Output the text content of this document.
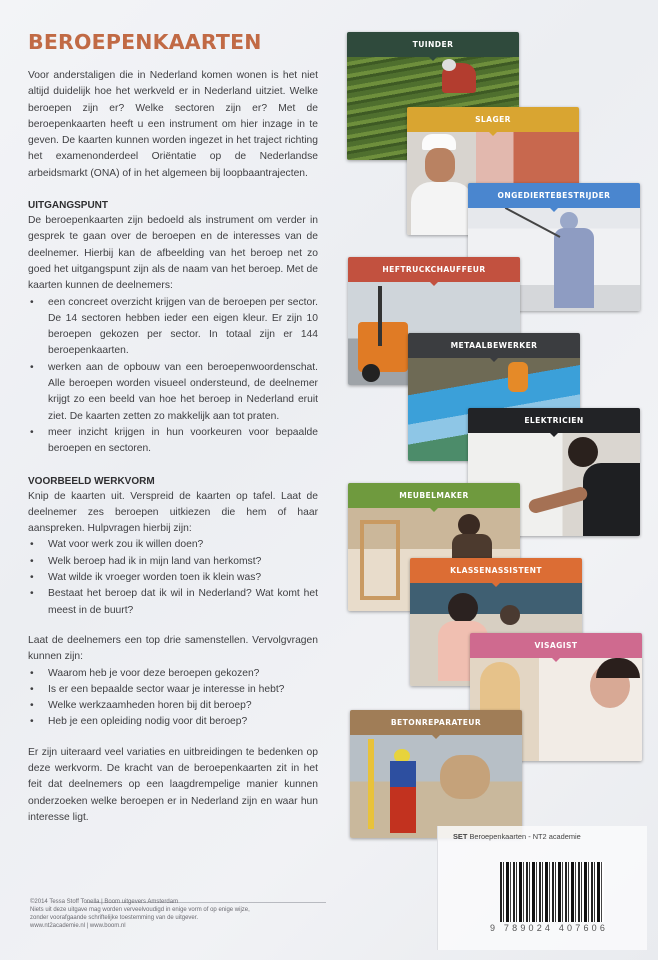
BEROEPENKAARTEN

Voor anderstaligen die in Nederland komen wonen is het niet altijd duidelijk hoe het werkveld er in Nederland uitziet. Welke beroepen zijn er? Welke sectoren zijn er? Met de beroepenkaarten heeft u een instrument om hier inzage in te geven. De kaarten kunnen worden ingezet in het traject richting het examenonderdeel Oriëntatie op de Nederlandse arbeidsmarkt (ONA) of in het algemeen bij loopbaantrajecten.

UITGANGSPUNT

De beroepenkaarten zijn bedoeld als instrument om verder in gesprek te gaan over de beroepen en de interesses van de deelnemer. Hierbij kan de afbeelding van het beroep net zo goed het uitgangspunt zijn als de naam van het beroep. Met de kaarten kunnen de deelnemers:

• een concreet overzicht krijgen van de beroepen per sector. De 14 sectoren hebben ieder een eigen kleur. Er zijn 10 beroepen gekozen per sector. In totaal zijn er 144 beroepenkaarten.
• werken aan de opbouw van een beroepenwoordenschat. Alle beroepen worden visueel ondersteund, de deelnemer krijgt zo een beeld van hoe het beroep in Nederland eruit ziet. De kaarten zetten zo makkelijk aan tot praten.
• meer inzicht krijgen in hun voorkeuren voor bepaalde beroepen en sectoren.
VOORBEELD WERKVORM

Knip de kaarten uit. Verspreid de kaarten op tafel. Laat de deelnemer zes beroepen uitkiezen die hem of haar aanspreken. Hulpvragen hierbij zijn:

• Wat voor werk zou ik willen doen?
• Welk beroep had ik in mijn land van herkomst?
• Wat wilde ik vroeger worden toen ik klein was?
• Bestaat het beroep dat ik wil in Nederland? Wat komt het meest in de buurt?

Laat de deelnemers een top drie samenstellen. Vervolgvragen kunnen zijn:

• Waarom heb je voor deze beroepen gekozen?
• Is er een bepaalde sector waar je interesse in hebt?
• Welke werkzaamheden horen bij dit beroep?
• Heb je een opleiding nodig voor dit beroep?

Er zijn uiteraard veel variaties en uitbreidingen te bedenken op deze werkvorm. De kracht van de beroepenkaarten zit in het feit dat deelnemers op een laagdrempelige manier kunnen onderzoeken welke beroepen er in Nederland zijn en waar hun interesse ligt.

TUINDER
SLAGER
ONGEDIERTEBESTRIJDER
HEFTRUCKCHAUFFEUR
METAALBEWERKER
ELEKTRICIEN
MEUBELMAKER
KLASSENASSISTENT
VISAGIST
BETONREPARATEUR
SET Beroepenkaarten - NT2 academie
9 789024 407606
©2014 Tessa Stoff Tonella | Boom uitgevers Amsterdam
Niets uit deze uitgave mag worden verveelvoudigd in enige vorm of op enige wijze,
zonder voorafgaande schriftelijke toestemming van de uitgever.
www.nt2academie.nl | www.boom.nl
